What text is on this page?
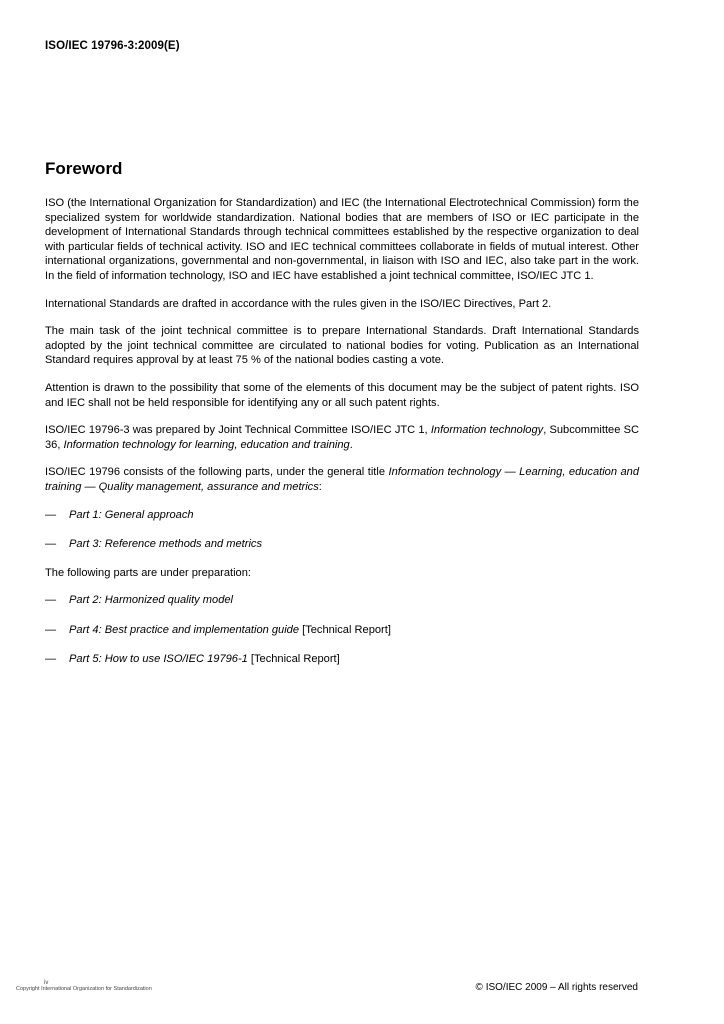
ISO/IEC 19796-3:2009(E)
Foreword

ISO (the International Organization for Standardization) and IEC (the International Electrotechnical Commission) form the specialized system for worldwide standardization. National bodies that are members of ISO or IEC participate in the development of International Standards through technical committees established by the respective organization to deal with particular fields of technical activity. ISO and IEC technical committees collaborate in fields of mutual interest. Other international organizations, governmental and non-governmental, in liaison with ISO and IEC, also take part in the work. In the field of information technology, ISO and IEC have established a joint technical committee, ISO/IEC JTC 1.

International Standards are drafted in accordance with the rules given in the ISO/IEC Directives, Part 2.

The main task of the joint technical committee is to prepare International Standards. Draft International Standards adopted by the joint technical committee are circulated to national bodies for voting. Publication as an International Standard requires approval by at least 75 % of the national bodies casting a vote.

Attention is drawn to the possibility that some of the elements of this document may be the subject of patent rights. ISO and IEC shall not be held responsible for identifying any or all such patent rights.

ISO/IEC 19796-3 was prepared by Joint Technical Committee ISO/IEC JTC 1, Information technology, Subcommittee SC 36, Information technology for learning, education and training.

ISO/IEC 19796 consists of the following parts, under the general title Information technology — Learning, education and training — Quality management, assurance and metrics:

—	Part 1: General approach
—	Part 3: Reference methods and metrics

The following parts are under preparation:

—	Part 2: Harmonized quality model
—	Part 4: Best practice and implementation guide [Technical Report]
—	Part 5: How to use ISO/IEC 19796-1 [Technical Report]
iv
Copyright International Organization for Standardization	© ISO/IEC 2009 – All rights reserved
